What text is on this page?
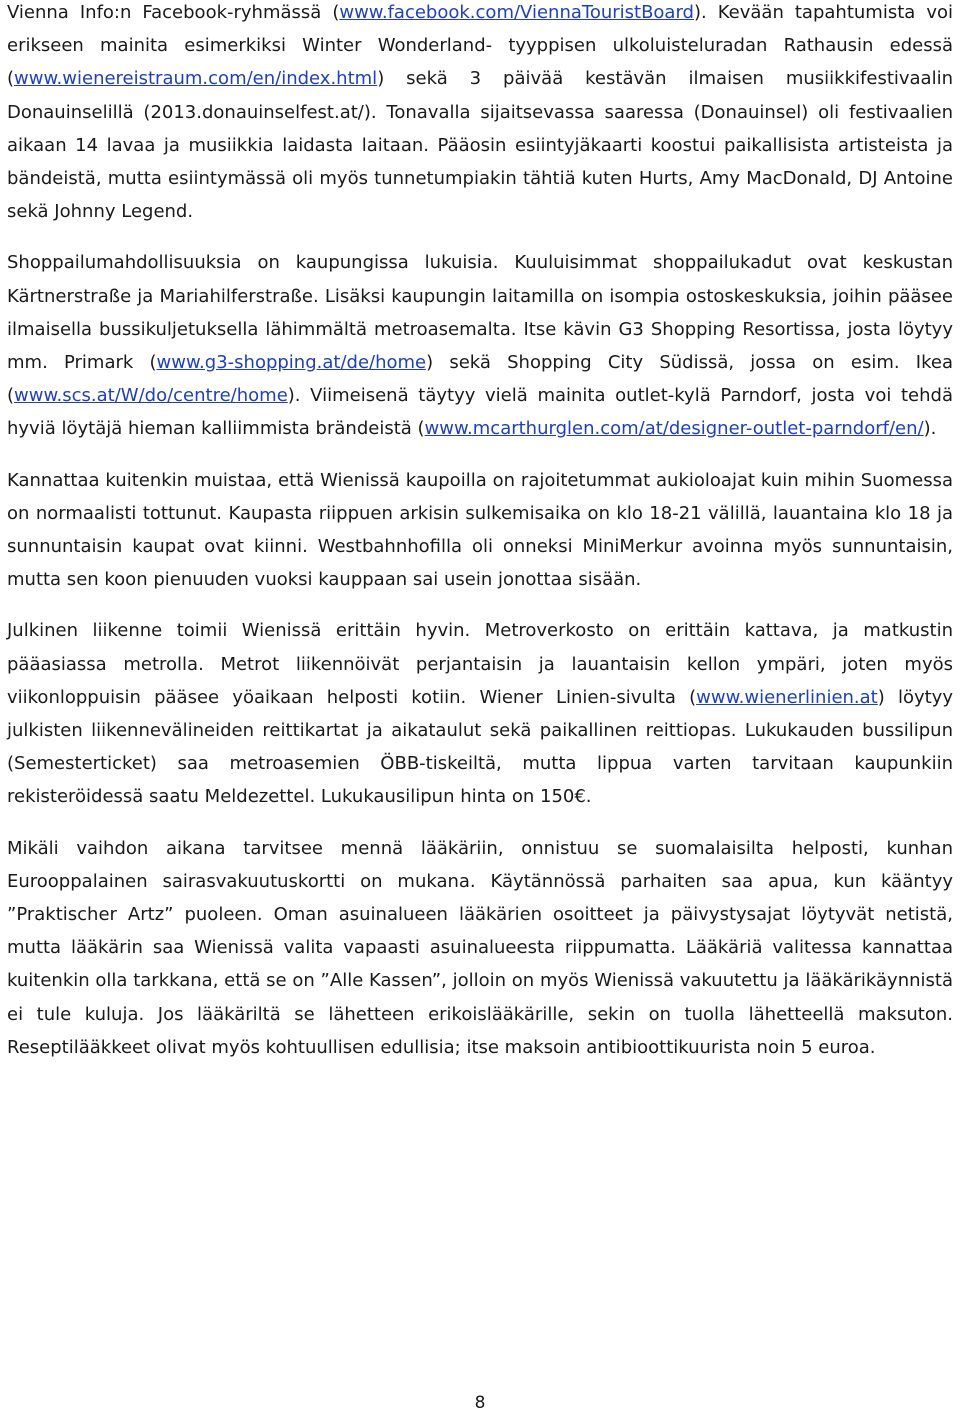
Vienna Info:n Facebook-ryhmässä (www.facebook.com/ViennaTouristBoard). Kevään tapahtumista voi erikseen mainita esimerkiksi Winter Wonderland- tyyppisen ulkoluisteluradan Rathausin edessä (www.wienereistraum.com/en/index.html) sekä 3 päivää kestävän ilmaisen musiikkifestivaalin Donauinselillä (2013.donauinselfest.at/). Tonavalla sijaitsevassa saaressa (Donauinsel) oli festivaalien aikaan 14 lavaa ja musiikkia laidasta laitaan. Pääosin esiintyjäkaarti koostui paikallisista artisteista ja bändeistä, mutta esiintymässä oli myös tunnetumpiakin tähtiä kuten Hurts, Amy MacDonald, DJ Antoine sekä Johnny Legend.

Shoppailumahdollisuuksia on kaupungissa lukuisia. Kuuluisimmat shoppailukadut ovat keskustan Kärtnerstraße ja Mariahilferstraße. Lisäksi kaupungin laitamilla on isompia ostoskeskuksia, joihin pääsee ilmaisella bussikuljetuksella lähimmältä metroasemalta. Itse kävin G3 Shopping Resortissa, josta löytyy mm. Primark (www.g3-shopping.at/de/home) sekä Shopping City Südissä, jossa on esim. Ikea (www.scs.at/W/do/centre/home). Viimeisenä täytyy vielä mainita outlet-kylä Parndorf, josta voi tehdä hyviä löytäjä hieman kalliimmista brändeistä (www.mcarthurglen.com/at/designer-outlet-parndorf/en/).

Kannattaa kuitenkin muistaa, että Wienissä kaupoilla on rajoitetummat aukioloajat kuin mihin Suomessa on normaalisti tottunut. Kaupasta riippuen arkisin sulkemisaika on klo 18-21 välillä, lauantaina klo 18 ja sunnuntaisin kaupat ovat kiinni. Westbahnhofilla oli onneksi MiniMerkur avoinna myös sunnuntaisin, mutta sen koon pienuuden vuoksi kauppaan sai usein jonottaa sisään.

Julkinen liikenne toimii Wienissä erittäin hyvin. Metroverkosto on erittäin kattava, ja matkustin pääasiassa metrolla. Metrot liikennöivät perjantaisin ja lauantaisin kellon ympäri, joten myös viikonloppuisin pääsee yöaikaan helposti kotiin. Wiener Linien-sivulta (www.wienerlinien.at) löytyy julkisten liikennevälineiden reittikartat ja aikataulut sekä paikallinen reittiopas. Lukukauden bussilipun (Semesterticket) saa metroasemien ÖBB-tiskeiltä, mutta lippua varten tarvitaan kaupunkiin rekisteröidessä saatu Meldezettel. Lukukausilipun hinta on 150€.

Mikäli vaihdon aikana tarvitsee mennä lääkäriin, onnistuu se suomalaisilta helposti, kunhan Eurooppalainen sairasvakuutuskortti on mukana. Käytännössä parhaiten saa apua, kun kääntyy ”Praktischer Artz” puoleen. Oman asuinalueen lääkärien osoitteet ja päivystysajat löytyvät netistä, mutta lääkärin saa Wienissä valita vapaasti asuinalueesta riippumatta. Lääkäriä valitessa kannattaa kuitenkin olla tarkkana, että se on ”Alle Kassen”, jolloin on myös Wienissä vakuutettu ja lääkärikäynnistä ei tule kuluja. Jos lääkäriltä se lähetteen erikoislääkärille, sekin on tuolla lähetteellä maksuton. Reseptilääkkeet olivat myös kohtuullisen edullisia; itse maksoin antibioottikuurista noin 5 euroa.

8
